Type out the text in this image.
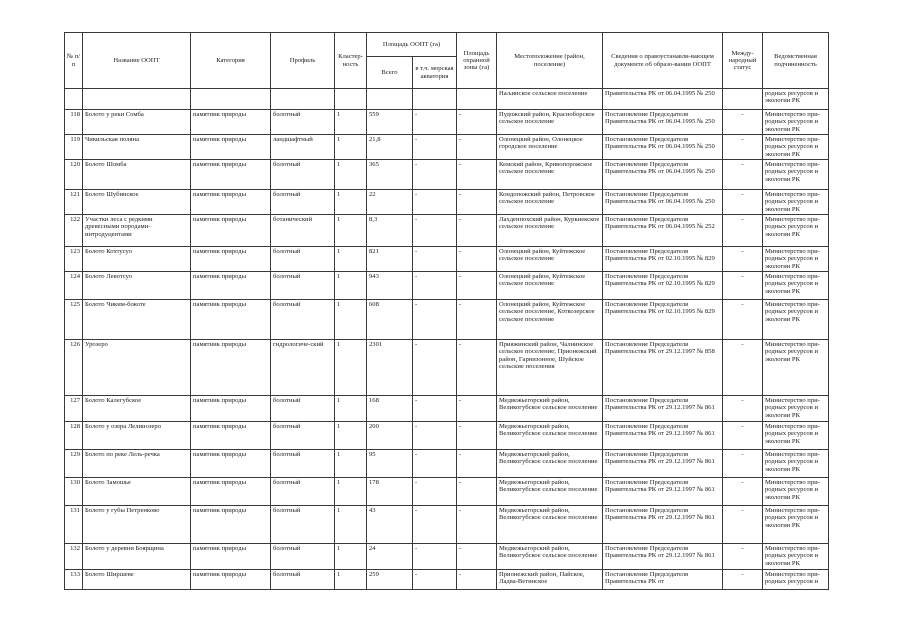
№ п/п	Название ООПТ	Категория	Профиль	Кластер-ность	Площадь ООПТ (га)		Площадь охранной зоны (га)	Местоположение (район, поселение)	Сведения о правоустанавли-вающем документе об образо-вании ООПТ	Между-народный статус	Ведомственная подчиненность
					Всего	в т.ч. морская акватория					
								Наљинское сельское поселение	Правительства РК от 06.04.1995 № 250		родных ресурсов и экологии РК
118	Болото у реки Сомба	памятник природы	болотный	1	559	-	-	Пудожский район, Красноборское сельское поселение	Постановление Председателя Правительства РК от 06.04.1995 № 250	-	Министерство при-родных ресурсов и экологии РК
119	Чикильская поляна	памятник природы	ландшафтный	1	21,8	-	-	Олонецкий район, Олонецкое городское поселение	Постановление Председателя Правительства РК от 06.04.1995 № 250	-	Министерство при-родных ресурсов и экологии РК
120	Болото Шомба	памятник природы	болотный	1	365	-	-	Кемский район, Кривопорожское сельское поселение	Постановление Председателя Правительства РК от 06.04.1995 № 250	-	Министерство при-родных ресурсов и экологии РК
121	Болото Шубинское	памятник природы	болотный	1	22	-	-	Кондопожский район, Петровское сельское поселение	Постановление Председателя Правительства РК от 06.04.1995 № 250	-	Министерство при-родных ресурсов и экологии РК
122	Участки леса с редкими древесными породами-интродуцентами	памятник природы	ботанический	1	8,3	-	-	Лахденпохский район, Куркиекское сельское поселение	Постановление Председателя Правительства РК от 06.04.1995 № 252	-	Министерство при-родных ресурсов и экологии РК
123	Болото Кохтусуо	памятник природы	болотный	1	821	-	-	Олонецкий район, Куйтежское сельское поселение	Постановление Председателя Правительства РК от 02.10.1995 № 829	-	Министерство при-родных ресурсов и экологии РК
124	Болото Левотсуо	памятник природы	болотный	1	943	-	-	Олонецкий район, Куйтежское сельское поселение	Постановление Председателя Правительства РК от 02.10.1995 № 829	-	Министерство при-родных ресурсов и экологии РК
125	Болото Чиким-бокоте	памятник природы	болотный	1	608	-	-	Олонецкий район, Куйтежское сельское поселение, Коткозерское сельское поселение	Постановление Председателя Правительства РК от 02.10.1995 № 829	-	Министерство при-родных ресурсов и экологии РК
126	Урозеро	памятник природы	гидрологиче-ский	1	2301	-	-	Прияжинский район, Чалнинское сельское поселение; Прионежский район, Гарнизонное, Шуйское сельские поселения	Постановление Председателя Правительства РК от 29.12.1997 № 858	-	Министерство при-родных ресурсов и экологии РК
127	Болото Калегубское	памятник природы	болотный	1	168	-	-	Медвежьегорский район, Великогубское сельское поселение	Постановление Председателя Правительства РК от 29.12.1997 № 861	-	Министерство при-родных ресурсов и экологии РК
128	Болото у озера Лелинозеро	памятник природы	болотный	1	200	-	-	Медвежьегорский район, Великогубское сельское поселение	Постановление Председателя Правительства РК от 29.12.1997 № 861	-	Министерство при-родных ресурсов и экологии РК
129	Болото по реке Лель-речка	памятник природы	болотный	1	95	-	-	Медвежьегорский район, Великогубское сельское поселение	Постановление Председателя Правительства РК от 29.12.1997 № 861	-	Министерство при-родных ресурсов и экологии РК
130	Болото Замошье	памятник природы	болотный	1	178	-	-	Медвежьегорский район, Великогубское сельское поселение	Постановление Председателя Правительства РК от 29.12.1997 № 861	-	Министерство при-родных ресурсов и экологии РК
131	Болото у губы Петренково	памятник природы	болотный	1	43	-	-	Медвежьегорский район, Великогубское сельское поселение	Постановление Председателя Правительства РК от 29.12.1997 № 861	-	Министерство при-родных ресурсов и экологии РК
132	Болото у деревни Боярщина	памятник природы	болотный	1	24	-	-	Медвежьегорский район, Великогубское сельское поселение	Постановление Председателя Правительства РК от 29.12.1997 № 861	-	Министерство при-родных ресурсов и экологии РК
133	Болото Ширшеве	памятник природы	болотный	1	259	-	-	Прионежский район, Пайское, Ладва-Ветинское	Постановление Председателя Правительства РК от	-	Министерство при-родных ресурсов и
